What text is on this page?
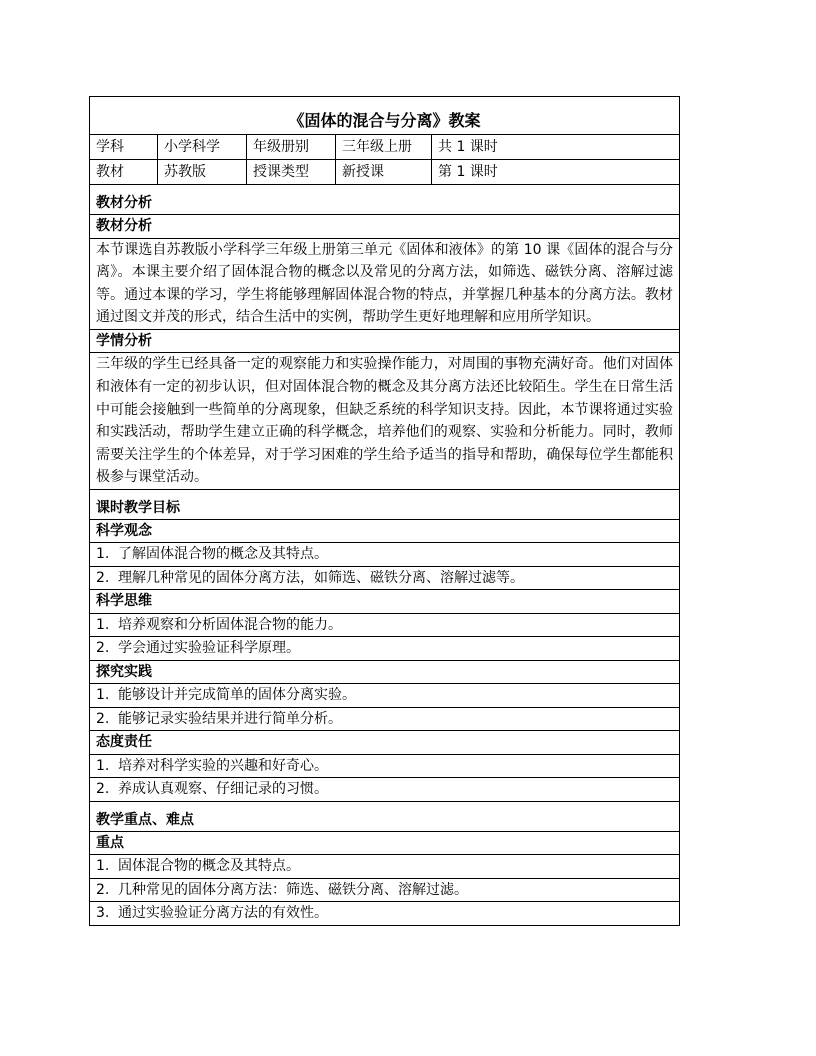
《固体的混合与分离》教案
学科	小学科学	年级册别	三年级上册	共 1 课时
教材	苏教版	授课类型	新授课	第 1 课时
教材分析
教材分析
本节课选自苏教版小学科学三年级上册第三单元《固体和液体》的第 10 课《固体的混合与分离》。本课主要介绍了固体混合物的概念以及常见的分离方法，如筛选、磁铁分离、溶解过滤等。通过本课的学习，学生将能够理解固体混合物的特点，并掌握几种基本的分离方法。教材通过图文并茂的形式，结合生活中的实例，帮助学生更好地理解和应用所学知识。
学情分析
三年级的学生已经具备一定的观察能力和实验操作能力，对周围的事物充满好奇。他们对固体和液体有一定的初步认识，但对固体混合物的概念及其分离方法还比较陌生。学生在日常生活中可能会接触到一些简单的分离现象，但缺乏系统的科学知识支持。因此，本节课将通过实验和实践活动，帮助学生建立正确的科学概念，培养他们的观察、实验和分析能力。同时，教师需要关注学生的个体差异，对于学习困难的学生给予适当的指导和帮助，确保每位学生都能积极参与课堂活动。
课时教学目标
科学观念
1. 了解固体混合物的概念及其特点。
2. 理解几种常见的固体分离方法，如筛选、磁铁分离、溶解过滤等。
科学思维
1. 培养观察和分析固体混合物的能力。
2. 学会通过实验验证科学原理。
探究实践
1. 能够设计并完成简单的固体分离实验。
2. 能够记录实验结果并进行简单分析。
态度责任
1. 培养对科学实验的兴趣和好奇心。
2. 养成认真观察、仔细记录的习惯。
教学重点、难点
重点
1. 固体混合物的概念及其特点。
2. 几种常见的固体分离方法：筛选、磁铁分离、溶解过滤。
3. 通过实验验证分离方法的有效性。
